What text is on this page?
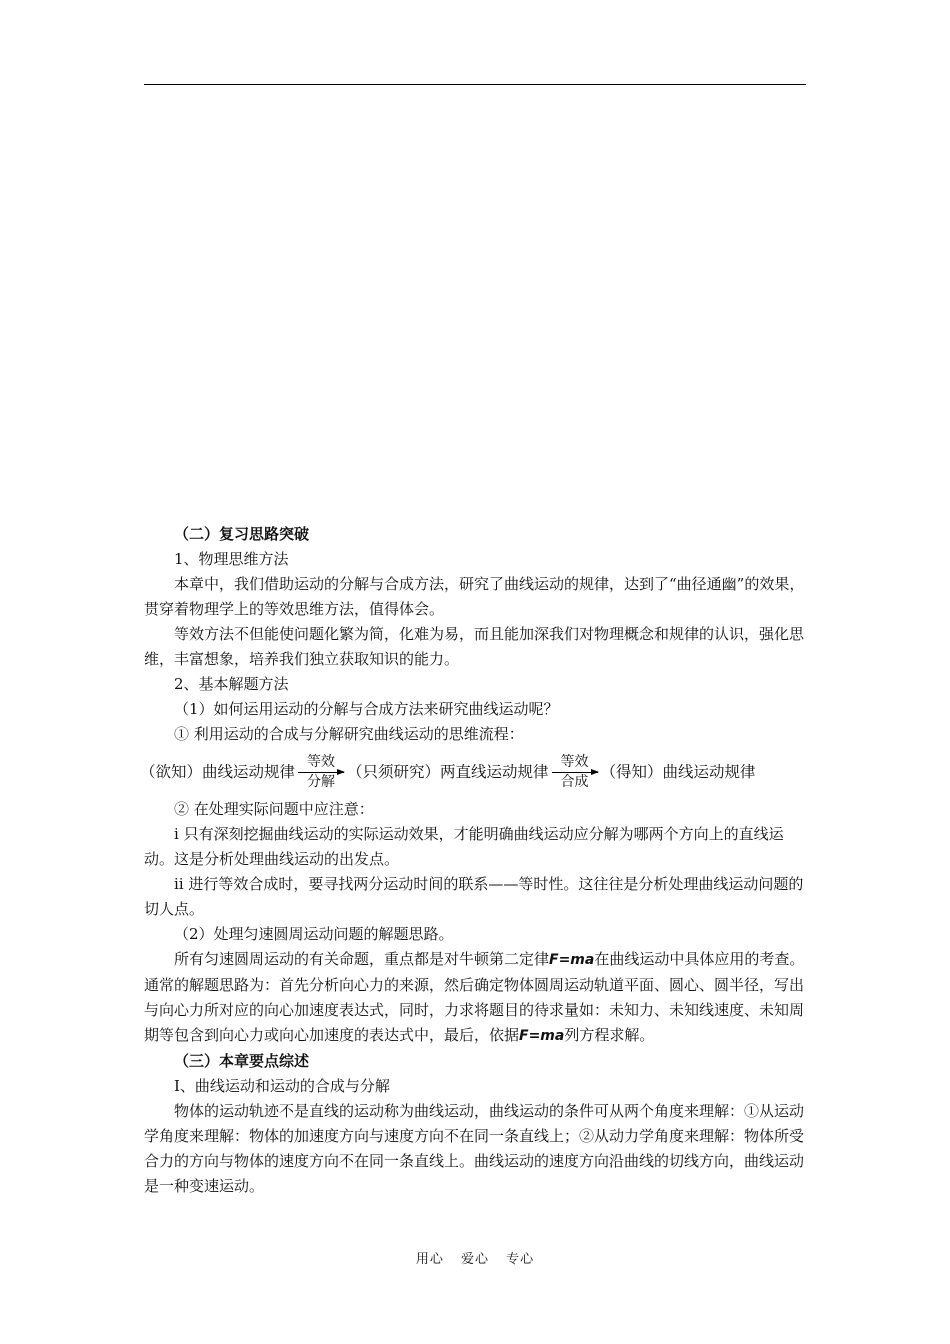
（二）复习思路突破

1、物理思维方法

本章中，我们借助运动的分解与合成方法，研究了曲线运动的规律，达到了“曲径通幽”的效果，贯穿着物理学上的等效思维方法，值得体会。

等效方法不但能使问题化繁为简，化难为易，而且能加深我们对物理概念和规律的认识，强化思维，丰富想象，培养我们独立获取知识的能力。

2、基本解题方法

（1）如何运用运动的分解与合成方法来研究曲线运动呢？

① 利用运动的合成与分解研究曲线运动的思维流程：

（欲知）曲线运动规律
等效
分解
（只须研究）两直线运动规律
等效
合成
（得知）曲线运动规律

② 在处理实际问题中应注意：

ⅰ 只有深刻挖掘曲线运动的实际运动效果，才能明确曲线运动应分解为哪两个方向上的直线运动。这是分析处理曲线运动的出发点。

ⅱ 进行等效合成时，要寻找两分运动时间的联系——等时性。这往往是分析处理曲线运动问题的切人点。

（2）处理匀速圆周运动问题的解题思路。

所有匀速圆周运动的有关命题，重点都是对牛顿第二定律F=ma在曲线运动中具体应用的考查。通常的解题思路为：首先分析向心力的来源，然后确定物体圆周运动轨道平面、圆心、圆半径，写出与向心力所对应的向心加速度表达式，同时，力求将题目的待求量如：未知力、未知线速度、未知周期等包含到向心力或向心加速度的表达式中，最后，依据F=ma列方程求解。

（三）本章要点综述

Ⅰ、曲线运动和运动的合成与分解

物体的运动轨迹不是直线的运动称为曲线运动，曲线运动的条件可从两个角度来理解：①从运动学角度来理解：物体的加速度方向与速度方向不在同一条直线上；②从动力学角度来理解：物体所受合力的方向与物体的速度方向不在同一条直线上。曲线运动的速度方向沿曲线的切线方向，曲线运动是一种变速运动。

用心 爱心 专心
